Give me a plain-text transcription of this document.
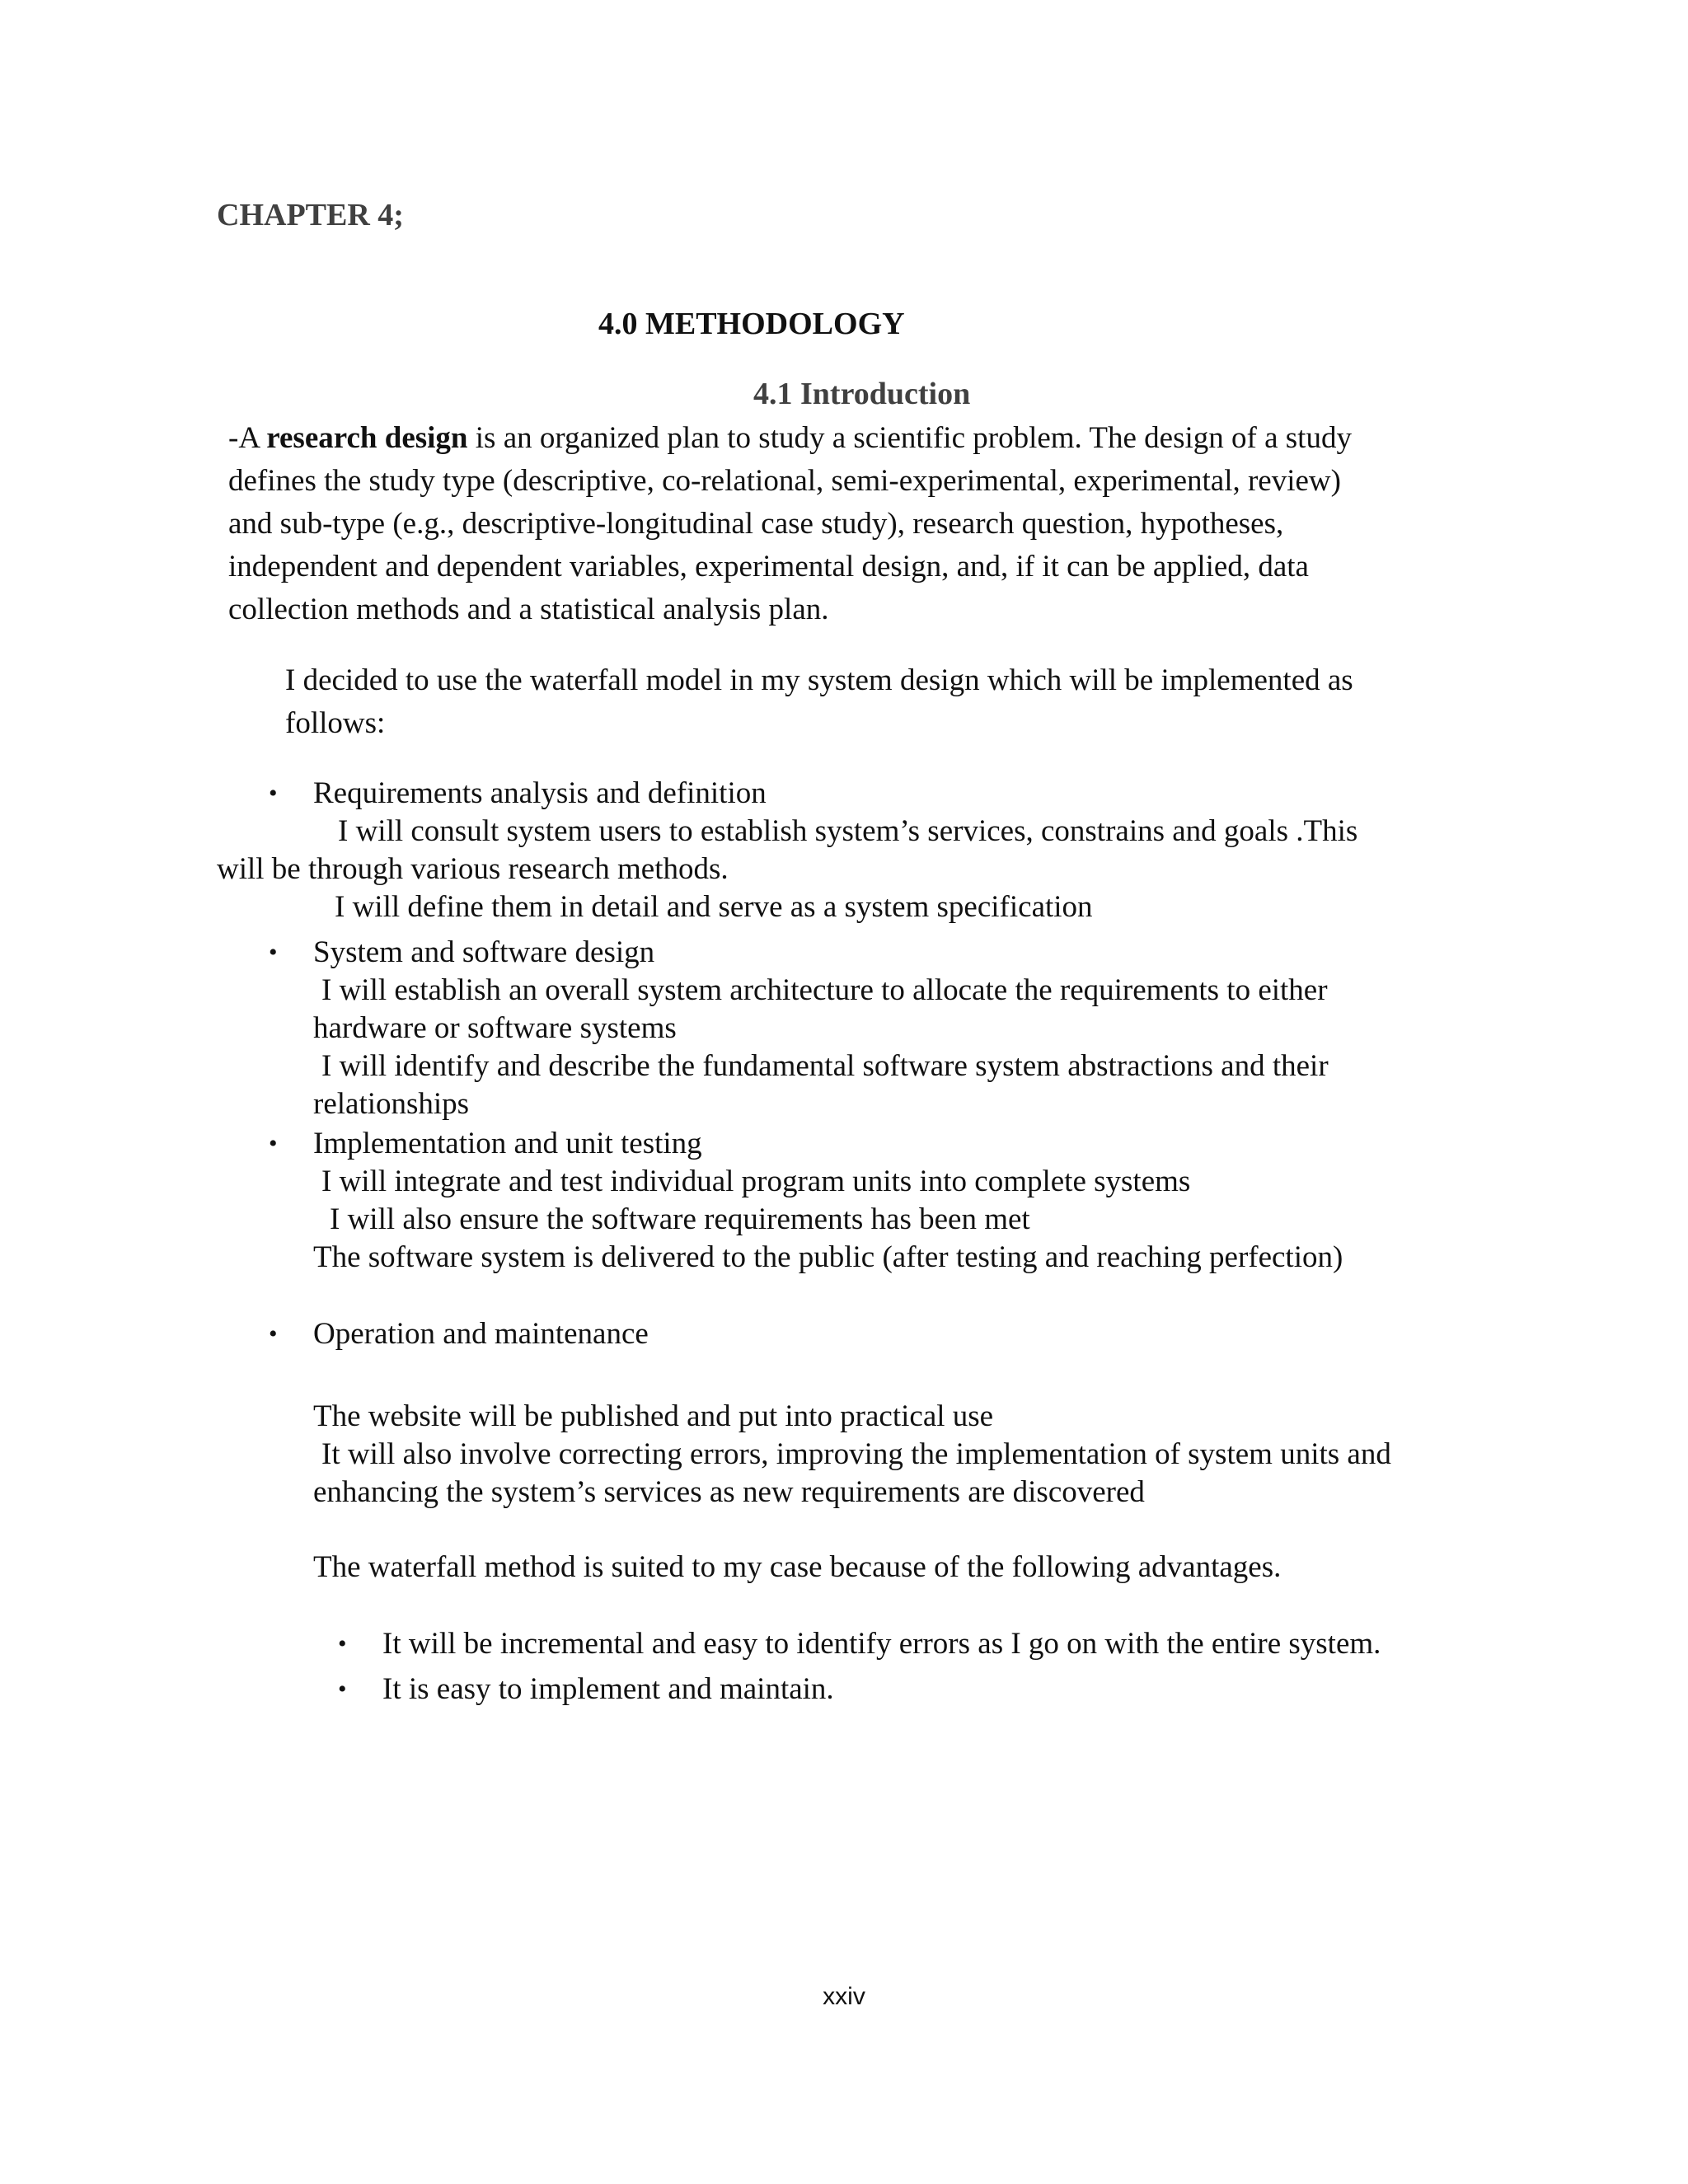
CHAPTER 4;
4.0 METHODOLOGY
4.1 Introduction
-A research design is an organized plan to study a scientific problem. The design of a study
defines the study type (descriptive, co-relational, semi-experimental, experimental, review)
and sub-type (e.g., descriptive-longitudinal case study), research question, hypotheses,
independent and dependent variables, experimental design, and, if it can be applied, data
collection methods and a statistical analysis plan.
I decided to use the waterfall model in my system design which will be implemented as
follows:
• Requirements analysis and definition
I will consult system users to establish system’s services, constrains and goals .This
will be through various research methods.
I will define them in detail and serve as a system specification
• System and software design
I will establish an overall system architecture to allocate the requirements to either
hardware or software systems
I will identify and describe the fundamental software system abstractions and their
relationships
• Implementation and unit testing
I will integrate and test individual program units into complete systems
I will also ensure the software requirements has been met
The software system is delivered to the public (after testing and reaching perfection)
• Operation and maintenance
The website will be published and put into practical use
It will also involve correcting errors, improving the implementation of system units and
enhancing the system’s services as new requirements are discovered
The waterfall method is suited to my case because of the following advantages.
• It will be incremental and easy to identify errors as I go on with the entire system.
• It is easy to implement and maintain.
xxiv
